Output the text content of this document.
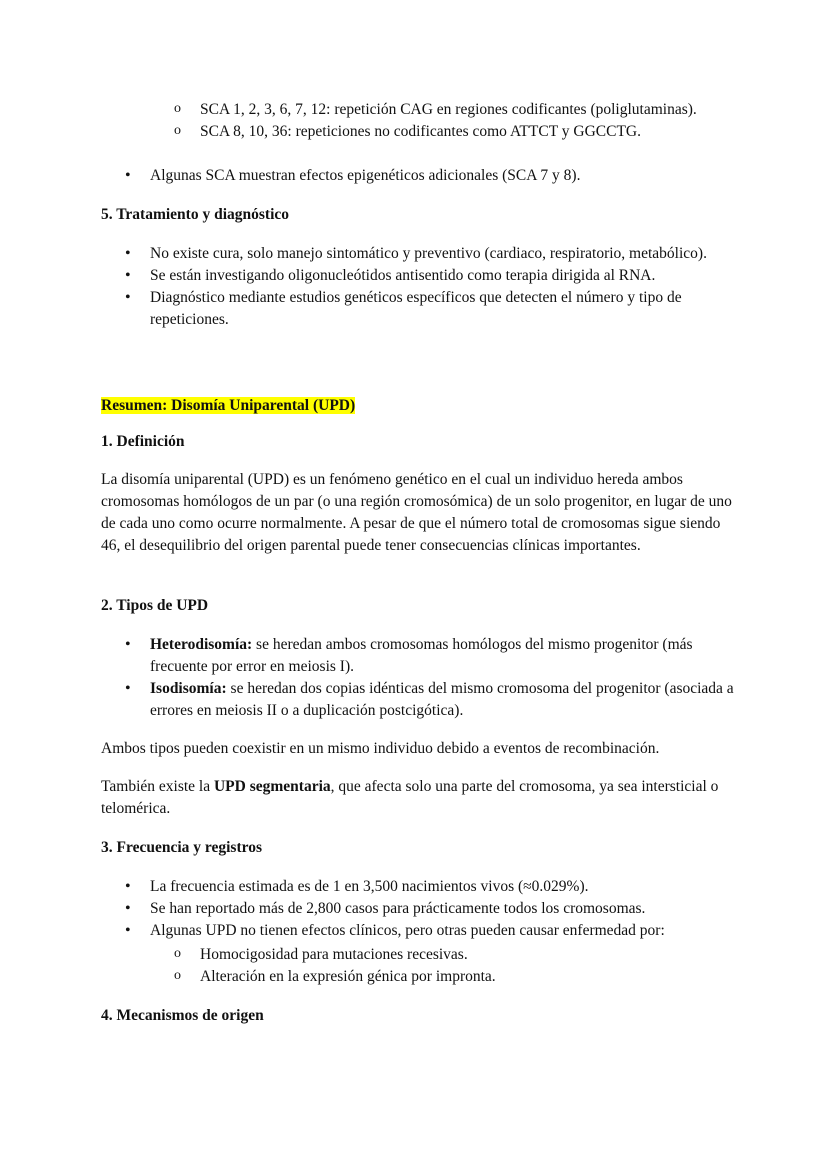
o SCA 1, 2, 3, 6, 7, 12: repetición CAG en regiones codificantes (poliglutaminas).
o SCA 8, 10, 36: repeticiones no codificantes como ATTCT y GGCCTG.
• Algunas SCA muestran efectos epigenéticos adicionales (SCA 7 y 8).
5. Tratamiento y diagnóstico
• No existe cura, solo manejo sintomático y preventivo (cardiaco, respiratorio, metabólico).
• Se están investigando oligonucleótidos antisentido como terapia dirigida al RNA.
• Diagnóstico mediante estudios genéticos específicos que detecten el número y tipo de repeticiones.
Resumen: Disomía Uniparental (UPD)
1. Definición
La disomía uniparental (UPD) es un fenómeno genético en el cual un individuo hereda ambos cromosomas homólogos de un par (o una región cromosómica) de un solo progenitor, en lugar de uno de cada uno como ocurre normalmente. A pesar de que el número total de cromosomas sigue siendo 46, el desequilibrio del origen parental puede tener consecuencias clínicas importantes.
2. Tipos de UPD
• Heterodisomía: se heredan ambos cromosomas homólogos del mismo progenitor (más frecuente por error en meiosis I).
• Isodisomía: se heredan dos copias idénticas del mismo cromosoma del progenitor (asociada a errores en meiosis II o a duplicación postcigótica).
Ambos tipos pueden coexistir en un mismo individuo debido a eventos de recombinación.
También existe la UPD segmentaria, que afecta solo una parte del cromosoma, ya sea intersticial o telomérica.
3. Frecuencia y registros
• La frecuencia estimada es de 1 en 3,500 nacimientos vivos (≈0.029%).
• Se han reportado más de 2,800 casos para prácticamente todos los cromosomas.
• Algunas UPD no tienen efectos clínicos, pero otras pueden causar enfermedad por:
o Homocigosidad para mutaciones recesivas.
o Alteración en la expresión génica por impronta.
4. Mecanismos de origen
